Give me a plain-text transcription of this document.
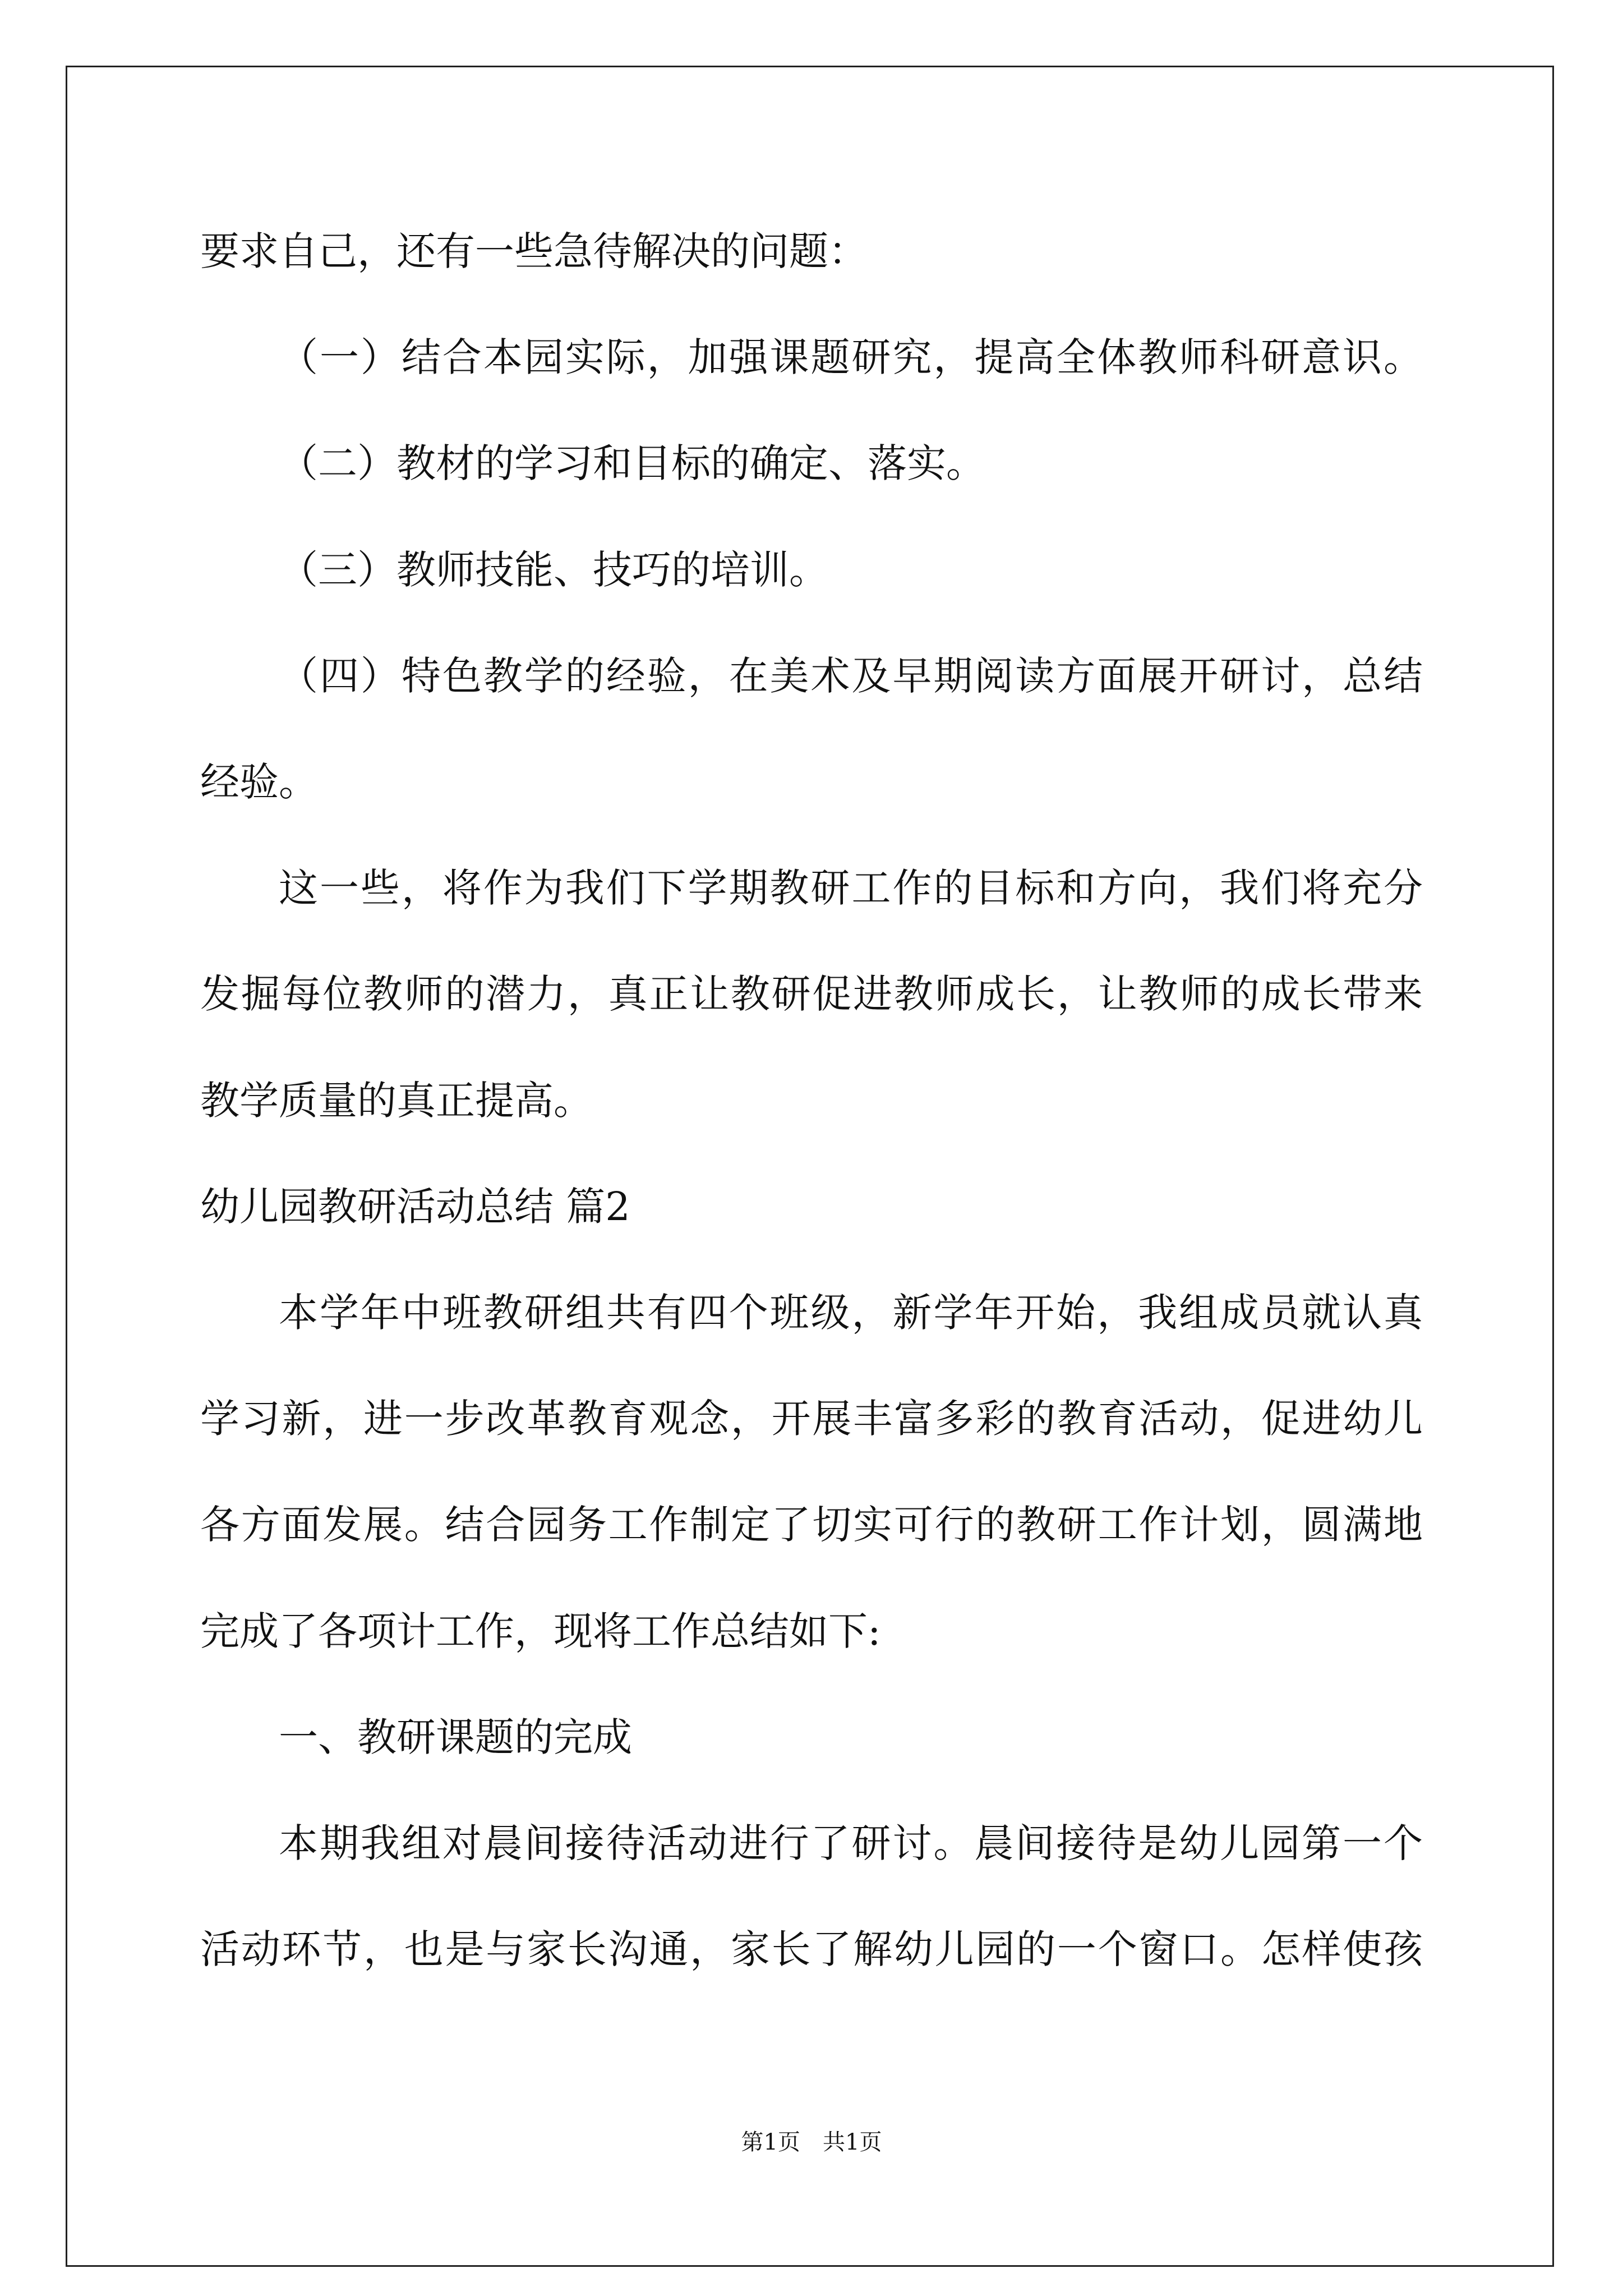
要求自己，还有一些急待解决的问题：
（一）结合本园实际，加强课题研究，提高全体教师科研意识。
（二）教材的学习和目标的确定、落实。
（三）教师技能、技巧的培训。
（四）特色教学的经验，在美术及早期阅读方面展开研讨，总结
经验。
这一些，将作为我们下学期教研工作的目标和方向，我们将充分
发掘每位教师的潜力，真正让教研促进教师成长，让教师的成长带来
教学质量的真正提高。
幼儿园教研活动总结 篇2
本学年中班教研组共有四个班级，新学年开始，我组成员就认真
学习新，进一步改革教育观念，开展丰富多彩的教育活动，促进幼儿
各方面发展。结合园务工作制定了切实可行的教研工作计划，圆满地
完成了各项计工作，现将工作总结如下:
一、教研课题的完成
本期我组对晨间接待活动进行了研讨。晨间接待是幼儿园第一个
活动环节，也是与家长沟通，家长了解幼儿园的一个窗口。怎样使孩
第1页　共1页
